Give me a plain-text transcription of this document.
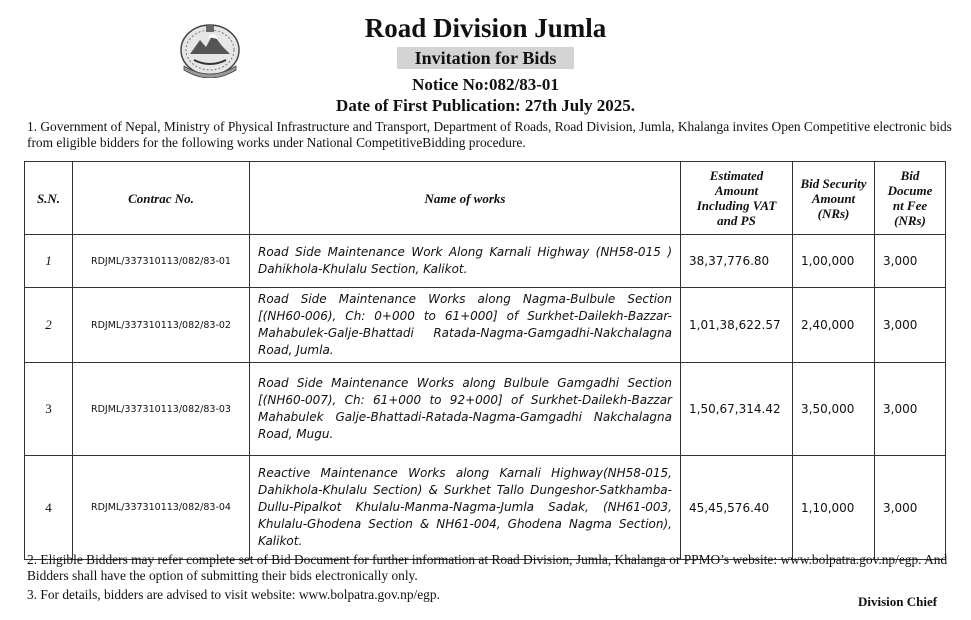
Road Division Jumla
Invitation for Bids
Notice No:082/83-01
Date of First Publication: 27th July 2025.

1. Government of Nepal, Ministry of Physical Infrastructure and Transport, Department of Roads, Road Division, Jumla, Khalanga invites Open Competitive electronic bids from eligible bidders for the following works under National CompetitiveBidding procedure.

S.N.	Contrac No.	Name of works	Estimated Amount Including VAT and PS	Bid Security Amount (NRs)	Bid Docume nt Fee (NRs)
1	RDJML/337310113/082/83-01	Road Side Maintenance Work Along Karnali Highway (NH58-015 ) Dahikhola-Khulalu Section, Kalikot.	38,37,776.80	1,00,000	3,000
2	RDJML/337310113/082/83-02	Road Side Maintenance Works along Nagma-Bulbule Section [(NH60-006), Ch: 0+000 to 61+000] of Surkhet-Dailekh-Bazzar-Mahabulek-Galje-Bhattadi Ratada-Nagma-Gamgadhi-Nakchalagna Road, Jumla.	1,01,38,622.57	2,40,000	3,000
3	RDJML/337310113/082/83-03	Road Side Maintenance Works along Bulbule Gamgadhi Section [(NH60-007), Ch: 61+000 to 92+000] of Surkhet-Dailekh-Bazzar Mahabulek Galje-Bhattadi-Ratada-Nagma-Gamgadhi Nakchalagna Road, Mugu.	1,50,67,314.42	3,50,000	3,000
4	RDJML/337310113/082/83-04	Reactive Maintenance Works along Karnali Highway(NH58-015, Dahikhola-Khulalu Section) & Surkhet Tallo Dungeshor-Satkhamba-Dullu-Pipalkot Khulalu-Manma-Nagma-Jumla Sadak, (NH61-003, Khulalu-Ghodena Section & NH61-004, Ghodena Nagma Section), Kalikot.	45,45,576.40	1,10,000	3,000

2. Eligible Bidders may refer complete set of Bid Document for further information at Road Division, Jumla, Khalanga or PPMO’s website: www.bolpatra.gov.np/egp. And Bidders shall have the option of submitting their bids electronically only.

3. For details, bidders are advised to visit website: www.bolpatra.gov.np/egp.	Division Chief
